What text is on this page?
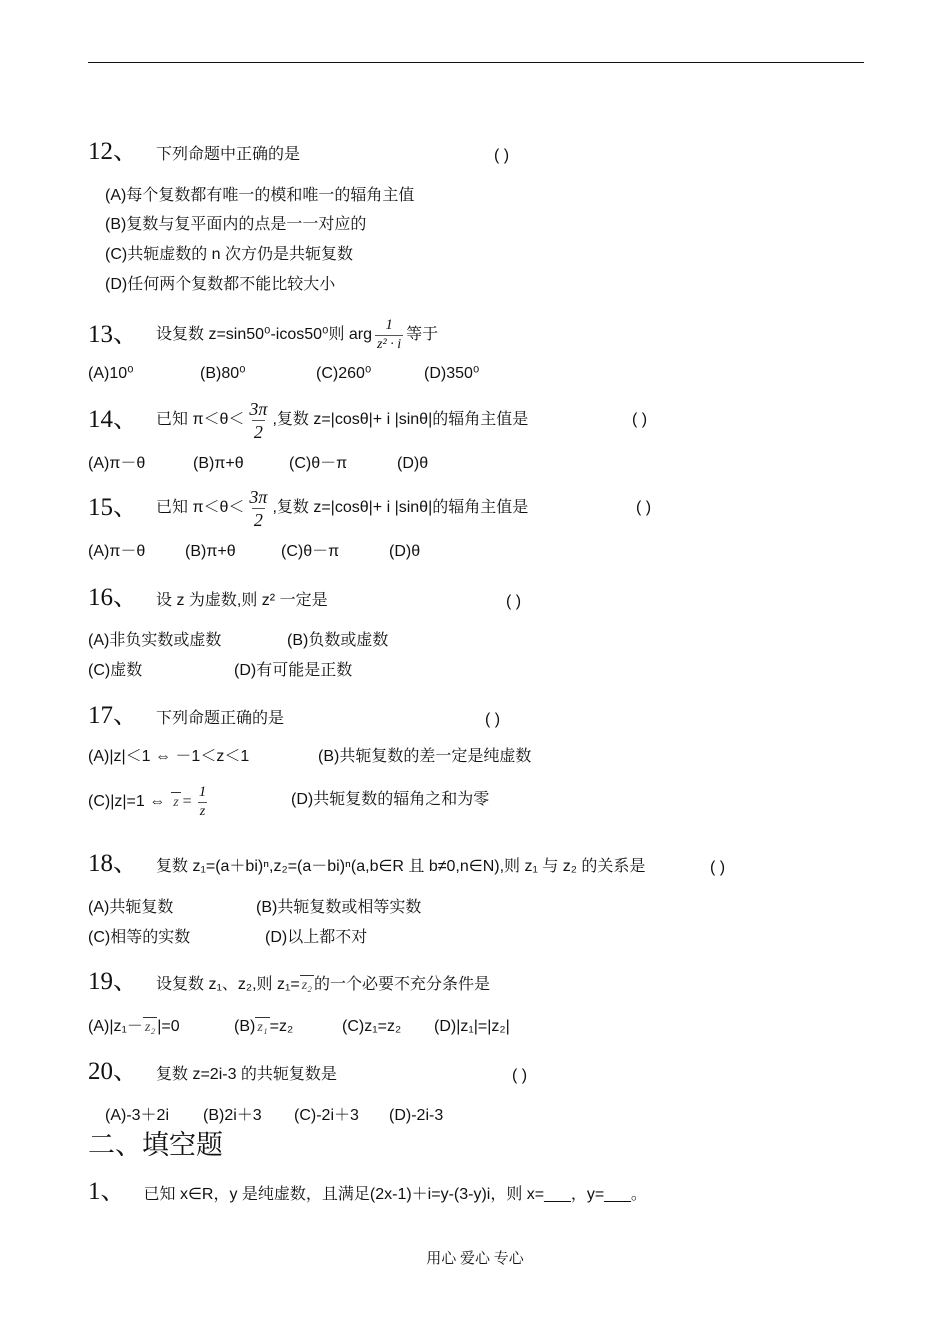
12、 下列命题中正确的是	( )
(A)每个复数都有唯一的模和唯一的辐角主值
(B)复数与复平面内的点是一一对应的
(C)共轭虚数的 n 次方仍是共轭复数
(D)任何两个复数都不能比较大小
13、 设复数 z=sin50⁰-icos50⁰则 arg $\frac{1}{\text{z² · i}}$ 等于
(A)10⁰	(B)80⁰	(C)260⁰	(D)350⁰
14、 已知 $\pi<\theta< \frac{3\pi}{2}$ ,复数 z=|cosθ|+ i |sinθ|的辐角主值是	( )
(A)π－θ	(B)π+θ	(C)θ－π	(D)θ
15、 已知 $\pi<\theta< \frac{3\pi}{2}$ ,复数 z=|cosθ|+ i |sinθ|的辐角主值是	( )
(A)π－θ (B)π+θ	(C)θ－π	(D)θ
16、 设 z 为虚数,则 z² 一定是	( )
(A)非负实数或虚数	(B)负数或虚数
(C)虚数	(D)有可能是正数
17、 下列命题正确的是	( )
(A)|z|＜1 ⇔ －1＜z＜1	(B)共轭复数的差一定是纯虚数
(C)|z|=1 ⇔ $z = \frac{1}{z}$	(D)共轭复数的辐角之和为零
18、 复数 z₁=(a＋bi)ⁿ,z₂=(a－bi)ⁿ(a,b∈R 且 b≠0,n∈N),则 z₁ 与 z₂ 的关系是	( )
(A)共轭复数	(B)共轭复数或相等实数
(C)相等的实数	(D)以上都不对
19、 设复数 z₁、z₂,则 z₁= z₂ 的一个必要不充分条件是
(A)|z₁－ z₂ |=0	(B) z₁ =z₂	(C)z₁=z₂ (D)|z₁|=|z₂|
20、 复数 z=2i-3 的共轭复数是	( )
(A)-3＋2i (B)2i＋3 (C)-2i＋3 (D)-2i-3
二、填空题
1、 已知 x∈R，y 是纯虚数，且满足(2x-1)＋i=y-(3-y)i，则 x=___，y=___。
用心 爱心 专心
